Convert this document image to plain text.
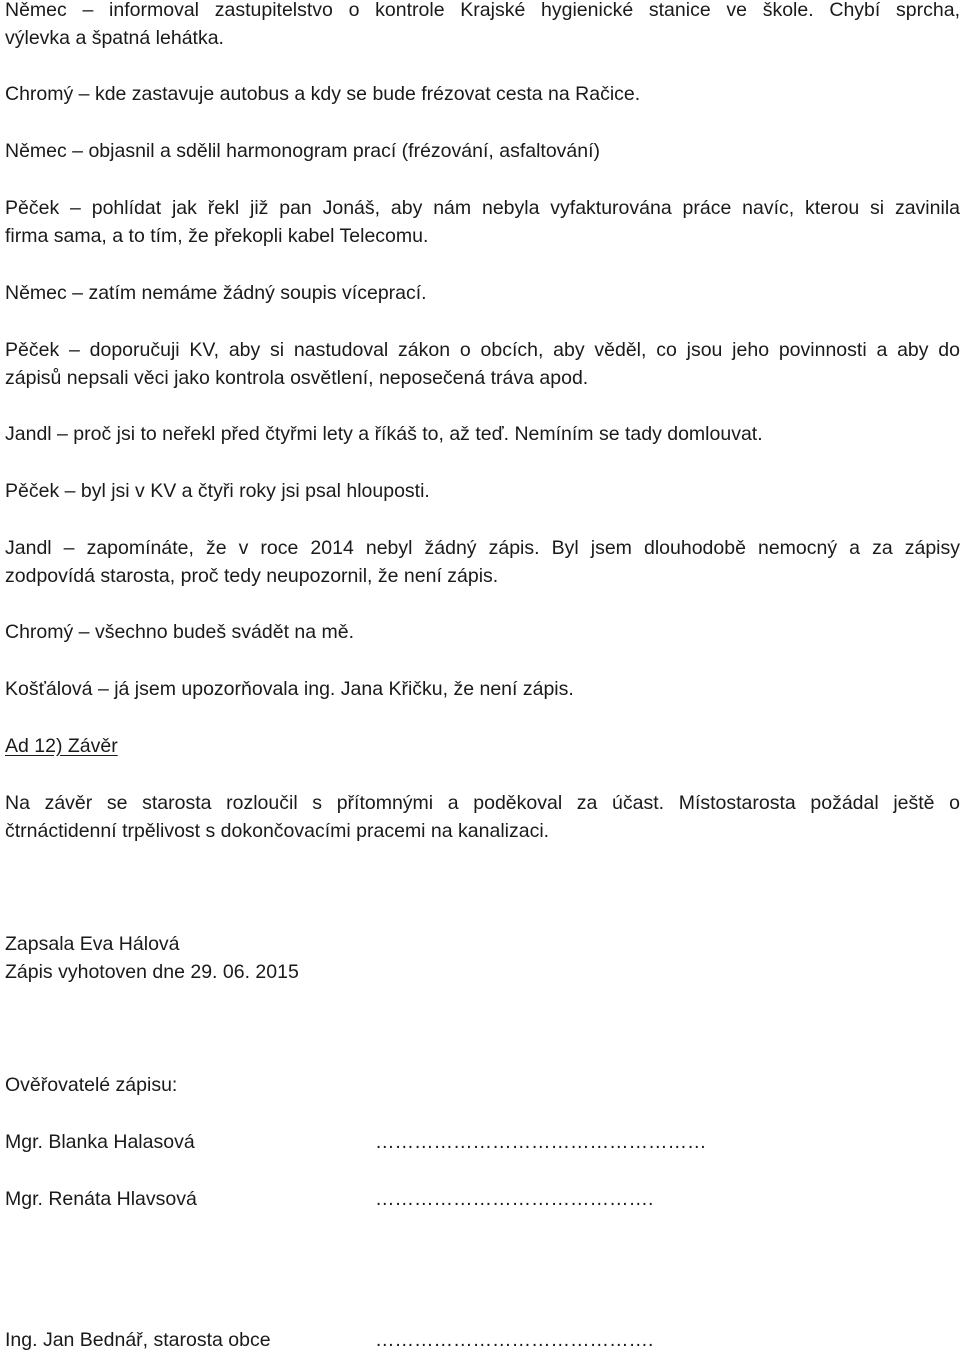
Němec – informoval zastupitelstvo o kontrole Krajské hygienické stanice ve škole. Chybí sprcha,
výlevka a špatná lehátka.

Chromý – kde zastavuje autobus a kdy se bude frézovat cesta na Račice.

Němec – objasnil a sdělil harmonogram prací (frézování, asfaltování)

Pěček – pohlídat jak řekl již pan Jonáš, aby nám nebyla vyfakturována práce navíc, kterou si zavinila
firma sama, a to tím, že překopli kabel Telecomu.

Němec – zatím nemáme žádný soupis víceprací.

Pěček – doporučuji KV, aby si nastudoval zákon o obcích, aby věděl, co jsou jeho povinnosti a aby do
zápisů nepsali věci jako kontrola osvětlení, neposečená tráva apod.

Jandl – proč jsi to neřekl před čtyřmi lety a říkáš to, až teď. Nemíním se tady domlouvat.

Pěček – byl jsi v KV a čtyři roky jsi psal hlouposti.

Jandl – zapomínáte, že v roce 2014 nebyl žádný zápis. Byl jsem dlouhodobě nemocný a za zápisy
zodpovídá starosta, proč tedy neupozornil, že není zápis.

Chromý – všechno budeš svádět na mě.

Košťálová – já jsem upozorňovala ing. Jana Křičku, že není zápis.

Ad 12) Závěr

Na závěr se starosta rozloučil s přítomnými a poděkoval za účast. Místostarosta požádal ještě o
čtrnáctidenní trpělivost s dokončovacími pracemi na kanalizaci.

Zapsala Eva Hálová

Zápis vyhotoven dne 29. 06. 2015

Ověřovatelé zápisu:

Mgr. Blanka Halasová	……………………………………………
Mgr. Renáta Hlavsová	…………………………………….
Ing. Jan Bednář, starosta obce	…………………………………….
